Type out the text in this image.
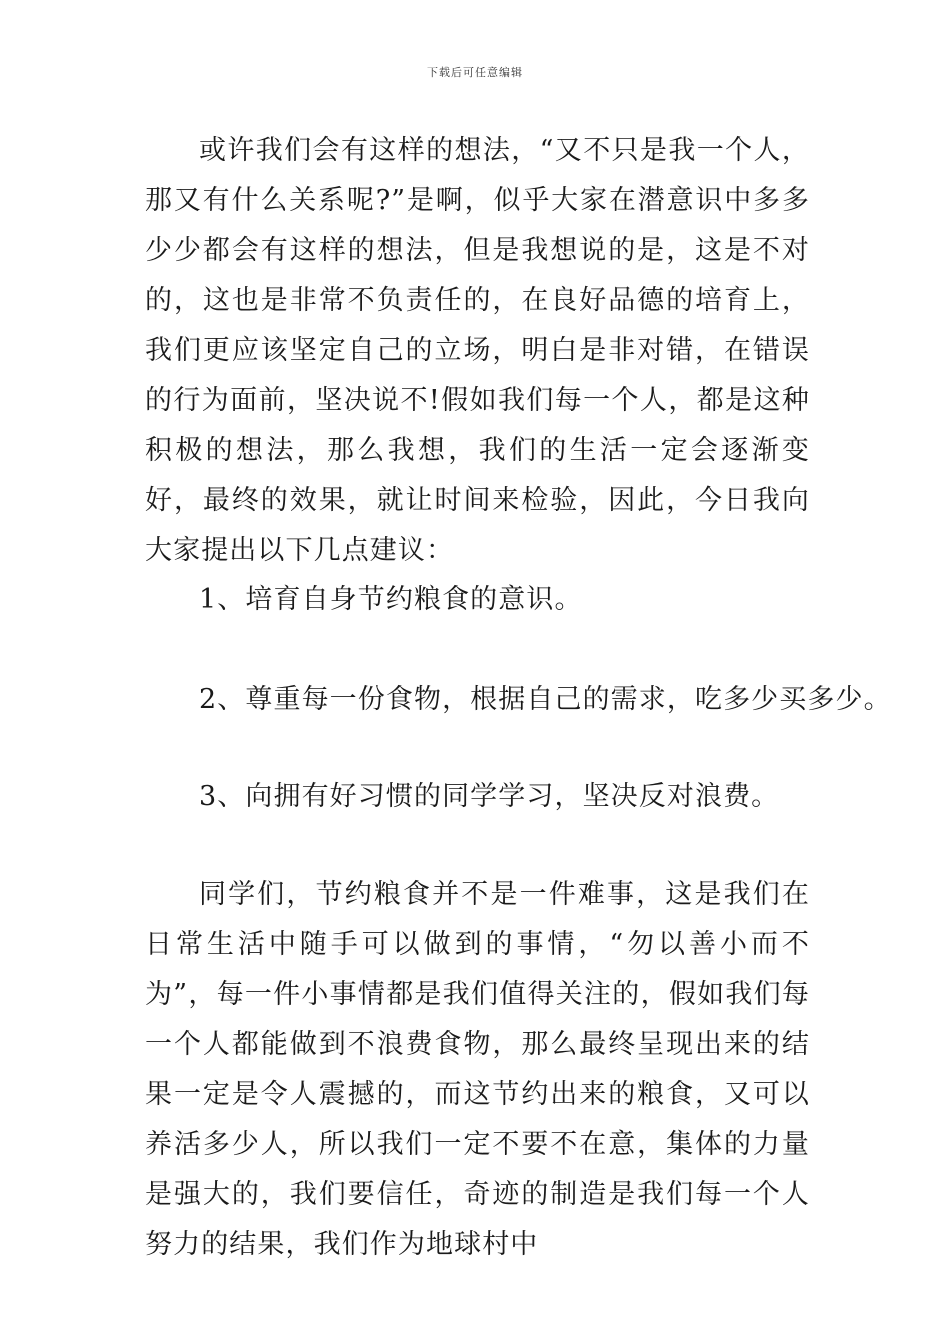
下载后可任意编辑

或许我们会有这样的想法，“又不只是我一个人，那又有什么关系呢?”是啊，似乎大家在潜意识中多多少少都会有这样的想法，但是我想说的是，这是不对的，这也是非常不负责任的，在良好品德的培育上，我们更应该坚定自己的立场，明白是非对错，在错误的行为面前，坚决说不!假如我们每一个人，都是这种积极的想法，那么我想，我们的生活一定会逐渐变好，最终的效果，就让时间来检验，因此，今日我向大家提出以下几点建议：

1、培育自身节约粮食的意识。
2、尊重每一份食物，根据自己的需求，吃多少买多少。
3、向拥有好习惯的同学学习，坚决反对浪费。

同学们，节约粮食并不是一件难事，这是我们在日常生活中随手可以做到的事情，“勿以善小而不为”，每一件小事情都是我们值得关注的，假如我们每一个人都能做到不浪费食物，那么最终呈现出来的结果一定是令人震撼的，而这节约出来的粮食，又可以养活多少人，所以我们一定不要不在意，集体的力量是强大的，我们要信任，奇迹的制造是我们每一个人努力的结果，我们作为地球村中
